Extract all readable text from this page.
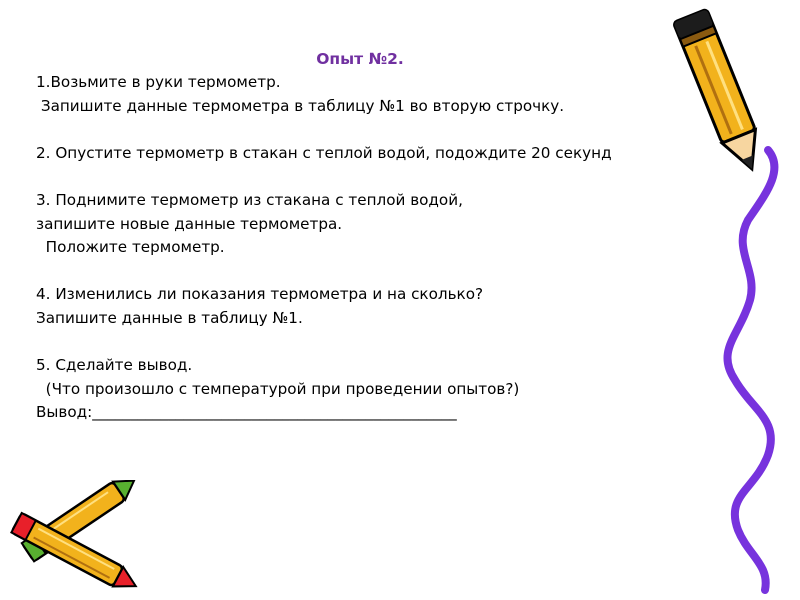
Опыт №2.
1.Возьмите в руки термометр.
Запишите данные термометра в таблицу №1 во вторую строчку.
2. Опустите термометр в стакан с теплой водой, подождите 20 секунд
3. Поднимите термометр из стакана с теплой водой,
запишите новые данные термометра.
Положите термометр.
4. Изменились ли показания термометра и на сколько?
Запишите данные в таблицу №1.
5. Сделайте вывод.
(Что произошло с температурой при проведении опытов?)
Вывод:________________________________________________
